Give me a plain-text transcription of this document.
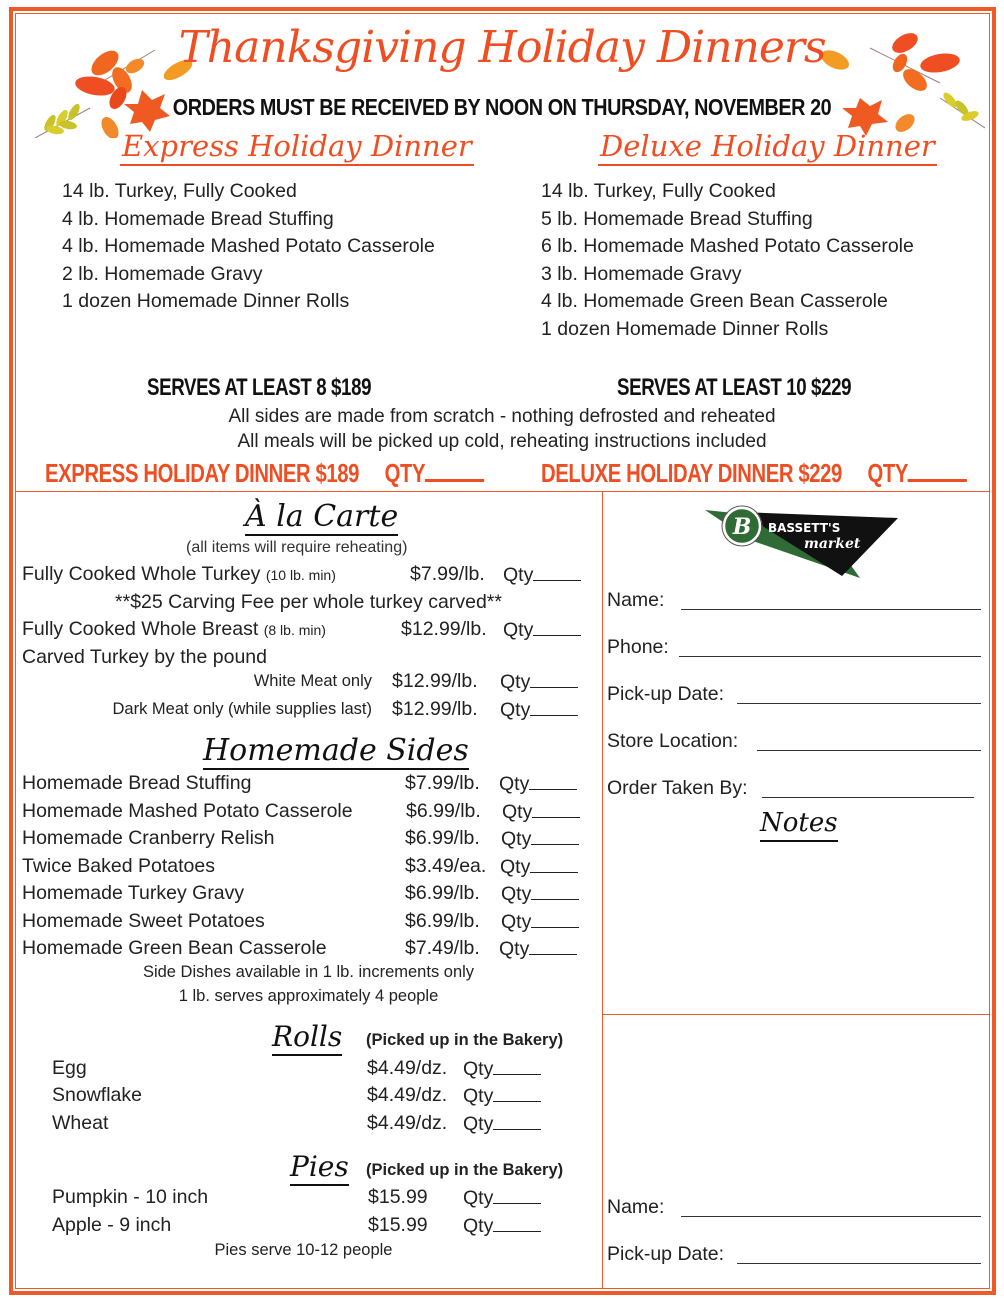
Thanksgiving Holiday Dinners
ORDERS MUST BE RECEIVED BY NOON ON THURSDAY, NOVEMBER 20
Express Holiday Dinner	Deluxe Holiday Dinner
14 lb. Turkey, Fully Cooked
4 lb. Homemade Bread Stuffing
4 lb. Homemade Mashed Potato Casserole
2 lb. Homemade Gravy
1 dozen Homemade Dinner Rolls
14 lb. Turkey, Fully Cooked
5 lb. Homemade Bread Stuffing
6 lb. Homemade Mashed Potato Casserole
3 lb. Homemade Gravy
4 lb. Homemade Green Bean Casserole
1 dozen Homemade Dinner Rolls
SERVES AT LEAST 8 $189	SERVES AT LEAST 10 $229
All sides are made from scratch - nothing defrosted and reheated
All meals will be picked up cold, reheating instructions included
EXPRESS HOLIDAY DINNER $189 QTY	DELUXE HOLIDAY DINNER $229 QTY
À la Carte
(all items will require reheating)
Fully Cooked Whole Turkey (10 lb. min)	$7.99/lb. Qty
**$25 Carving Fee per whole turkey carved**
Fully Cooked Whole Breast (8 lb. min)	$12.99/lb. Qty
Carved Turkey by the pound
White Meat only $12.99/lb. Qty
Dark Meat only (while supplies last) $12.99/lb. Qty
Homemade Sides
Homemade Bread Stuffing	$7.99/lb. Qty
Homemade Mashed Potato Casserole	$6.99/lb. Qty
Homemade Cranberry Relish	$6.99/lb. Qty
Twice Baked Potatoes	$3.49/ea. Qty
Homemade Turkey Gravy	$6.99/lb. Qty
Homemade Sweet Potatoes	$6.99/lb. Qty
Homemade Green Bean Casserole	$7.49/lb. Qty
Side Dishes available in 1 lb. increments only
1 lb. serves approximately 4 people
Rolls (Picked up in the Bakery)
Egg	$4.49/dz. Qty
Snowflake	$4.49/dz. Qty
Wheat	$4.49/dz. Qty
Pies (Picked up in the Bakery)
Pumpkin - 10 inch	$15.99 Qty
Apple - 9 inch	$15.99 Qty
Pies serve 10-12 people
B BASSETT'S
market
Name:
Phone:
Pick-up Date:
Store Location:
Order Taken By:
Notes
Name:
Pick-up Date:
